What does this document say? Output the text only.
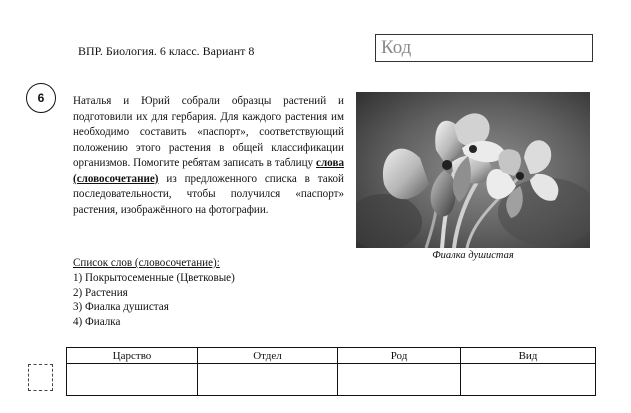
ВПР. Биология. 6 класс. Вариант 8	Код
6	Наталья и Юрий собрали образцы растений и подготовили их для гербария. Для каждого растения им необходимо составить «паспорт», соответствующий положению этого растения в общей классификации организмов. Помогите ребятам записать в таблицу слова (словосочетание) из предложенного списка в такой последовательности, чтобы получился «паспорт» растения, изображённого на фотографии.
Фиалка душистая
Список слов (словосочетание):
1) Покрытосеменные (Цветковые)
2) Растения
3) Фиалка душистая
4) Фиалка
Царство	Отдел	Род	Вид
